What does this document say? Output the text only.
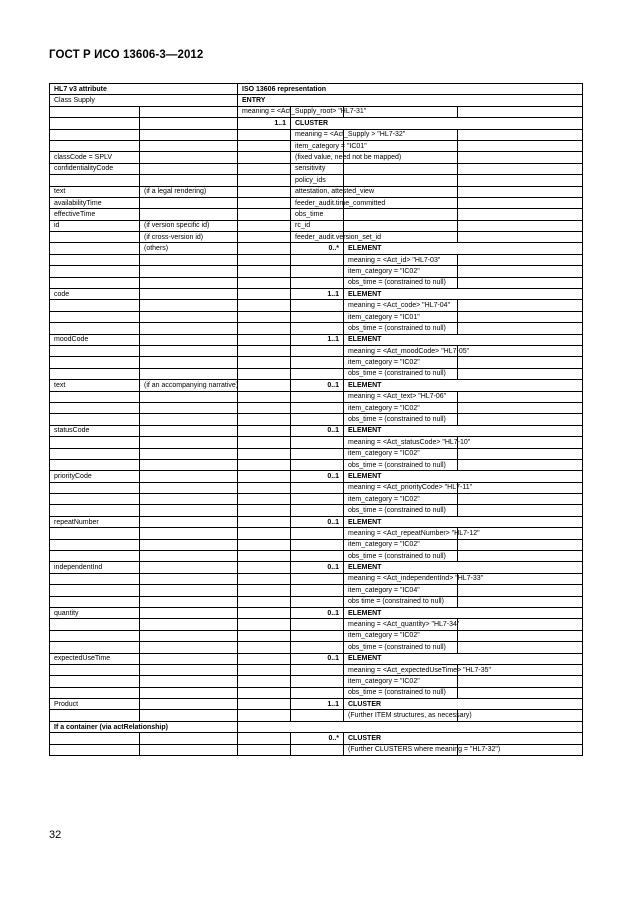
ГОСТ Р ИСО 13606-3—2012
HL7 v3 attribute		ISO 13606 representation			
Class Supply		ENTRY			
		meaning = <Act_Supply_root> "HL7-31"			
		1..1	CLUSTER		
			meaning = <Act_Supply > "HL7-32"		
			item_category = "IC01"		
classCode = SPLV			(fixed value, need not be mapped)		
confidentialityCode			sensitivity		
			policy_ids		
text	(if a legal rendering)		attestation, attested_view		
availabilityTime			feeder_audit.time_committed		
effectiveTime			obs_time		
id	(if version specific id)		rc_id		
	(if cross-version id)		feeder_audit.version_set_id		
	(others)		0..*	ELEMENT	
				meaning = <Act_id> "HL7-03"	
				item_category = "IC02"	
				obs_time = (constrained to null)	
code			1..1	ELEMENT	
				meaning = <Act_code> "HL7-04"	
				item_category = "IC01"	
				obs_time = (constrained to null)	
moodCode			1..1	ELEMENT	
				meaning = <Act_moodCode> "HL7-05"	
				item_category = "IC02"	
				obs_time = (constrained to null)	
text	(if an accompanying narrative)		0..1	ELEMENT	
				meaning = <Act_text> "HL7-06"	
				item_category = "IC02"	
				obs_time = (constrained to null)	
statusCode			0..1	ELEMENT	
				meaning = <Act_statusCode> "HL7-10"	
				item_category = "IC02"	
				obs_time = (constrained to null)	
priorityCode			0..1	ELEMENT	
				meaning = <Act_priorityCode> "HL7-11"	
				item_category = "IC02"	
				obs_time = (constrained to null)	
repeatNumber			0..1	ELEMENT	
				meaning = <Act_repeatNumber> "HL7-12"	
				item_category = "IC02"	
				obs_time = (constrained to null)	
independentInd			0..1	ELEMENT	
				meaning = <Act_independentInd> "HL7-33"	
				item_category = "IC04"	
				obs time = (constrained to null)	
quantity			0..1	ELEMENT	
				meaning = <Act_quantity> "HL7-34"	
				item_category = "IC02"	
				obs_time = (constrained to null)	
expectedUseTime			0..1	ELEMENT	
				meaning = <Act_expectedUseTime> "HL7-35"	
				item_category = "IC02"	
				obs_time = (constrained to null)	
Product			1..1	CLUSTER	
				(Further ITEM structures, as necessary)	
If a container (via actRelationship)					
			0..*	CLUSTER	
				(Further CLUSTERS where meaning = "HL7-32")	
32
